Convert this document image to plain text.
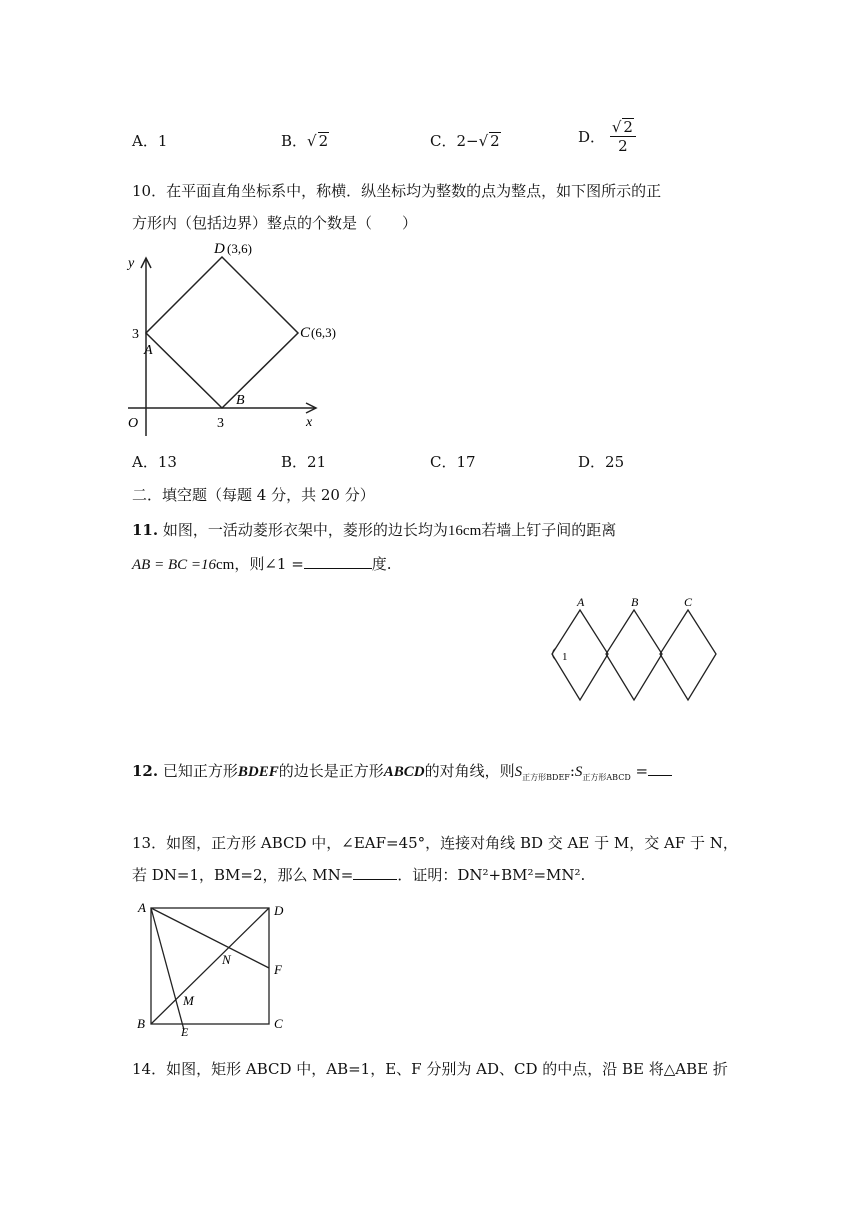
A．1	B．√ 2	C．2−√ 2	D． $\frac{√ 2}{2}$
10．在平面直角坐标系中，称横．纵坐标均为整数的点为整点，如下图所示的正
方形内（包括边界）整点的个数是（　　）
y
x
O
3
3
A
B
C (6,3)
D (3,6)
A．13	B．21	C．17	D．25
二．填空题（每题 4 分，共 20 分）
11. 如图，一活动菱形衣架中，菱形的边长均为16cm若墙上钉子间的距离
AB = BC =16cm，则∠1 =	度.
A	B	C
1
12. 已知正方形BDEF的边长是正方形ABCD的对角线，则$S_{正方形BDEF}:S_{正方形ABCD}$ =
13．如图，正方形 ABCD 中，∠EAF=45°，连接对角线 BD 交 AE 于 M，交 AF 于 N，
若 DN=1，BM=2，那么 MN=	．证明：DN²+BM²=MN².
A	D
B	C
F
E
N
M
14．如图，矩形 ABCD 中，AB=1，E、F 分别为 AD、CD 的中点，沿 BE 将△ABE 折
